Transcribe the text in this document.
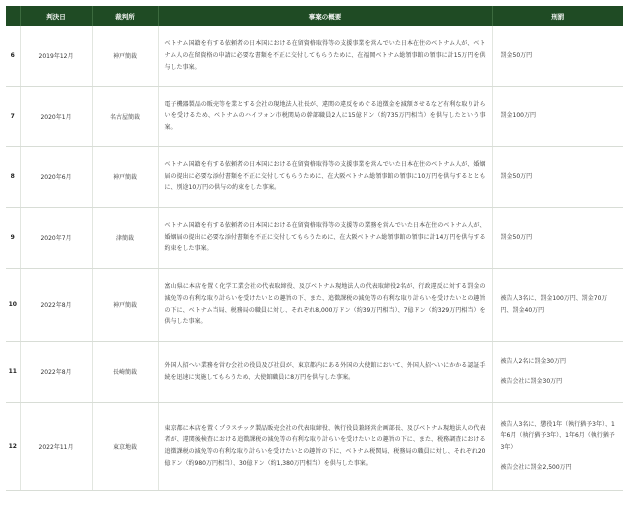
	判決日	裁判所	事案の概要	刑罰
6	2019年12月	神戸簡裁	ベトナム国籍を有する依頼者の日本国における在留資格取得等の支援事業を営んでいた日本在住のベトナム人が、ベトナム人の在留資格の申請に必要な書類を不正に交付してもらうために、在福岡ベトナム総領事館の領事に計15万円を供与した事案。	罰金50万円

7	2020年1月	名古屋簡裁	電子機器製品の販売等を業とする会社の現地法人社長が、違関の違反をめぐる追徴金を減額させるなど有利な取り計らいを受けるため、ベトナムのハイフォン市税関局の幹部職員2人に15億ドン（約735万円相当）を供与したという事案。	罰金100万円

8	2020年6月	神戸簡裁	ベトナム国籍を有する依頼者の日本国における在留資格取得等の支援事業を営んでいた日本在住のベトナム人が、婚姻届の提出に必要な添付書類を不正に交付してもらうために、在大阪ベトナム総領事館の領事に10万円を供与するとともに、別途10万円の供与の約束をした事案。	罰金50万円

9	2020年7月	津簡裁	ベトナム国籍を有する依頼者の日本国における在留資格取得等の支援等の業務を営んでいた日本在住のベトナム人が、婚姻届の提出に必要な添付書類を不正に交付してもらうために、在大阪ベトナム総領事館の領事に計14万円を供与する約束をした事案。	罰金50万円

10	2022年8月	神戸簡裁	富山県に本店を置く化学工業会社の代表取締役、及びベトナム現地法人の代表取締役2名が、行政違反に対する罰金の減免等の有利な取り計らいを受けたいとの趣旨の下、また、追徴課税の減免等の有利な取り計らいを受けたいとの趣旨の下に、ベトナム当局、税務局の職員に対し、それぞれ8,000万ドン（約39万円相当）、7億ドン（約329万円相当）を供与した事案。	被告人3名に、罰金100万円、罰金70万円、罰金40万円

11	2022年8月	長崎簡裁	外国人招へい業務を営む会社の役員及び社員が、東京都内にある外国の大使館において、外国人招へいにかかる認証手続を迅速に実施してもらうため、大使館職員に8万円を供与した事案。	被告人2名に罰金30万円
被告会社に罰金30万円

12	2022年11月	東京地裁	東京都に本店を置くプラスチック製品販売会社の代表取締役、執行役員兼経営企画部長、及びベトナム現地法人の代表者が、違関後検査における追徴課税の減免等の有利な取り計らいを受けたいとの趣旨の下に、また、税務調査における追徴課税の減免等の有利な取り計らいを受けたいとの趣旨の下に、ベトナム税関局、税務局の職員に対し、それぞれ20億ドン（約980万円相当）、30億ドン（約1,380万円相当）を供与した事案。	被告人3名に、懲役1年（執行猶予3年）、1年6月（執行猶予3年）、1年6月（執行猶予3年）
被告会社に罰金2,500万円
